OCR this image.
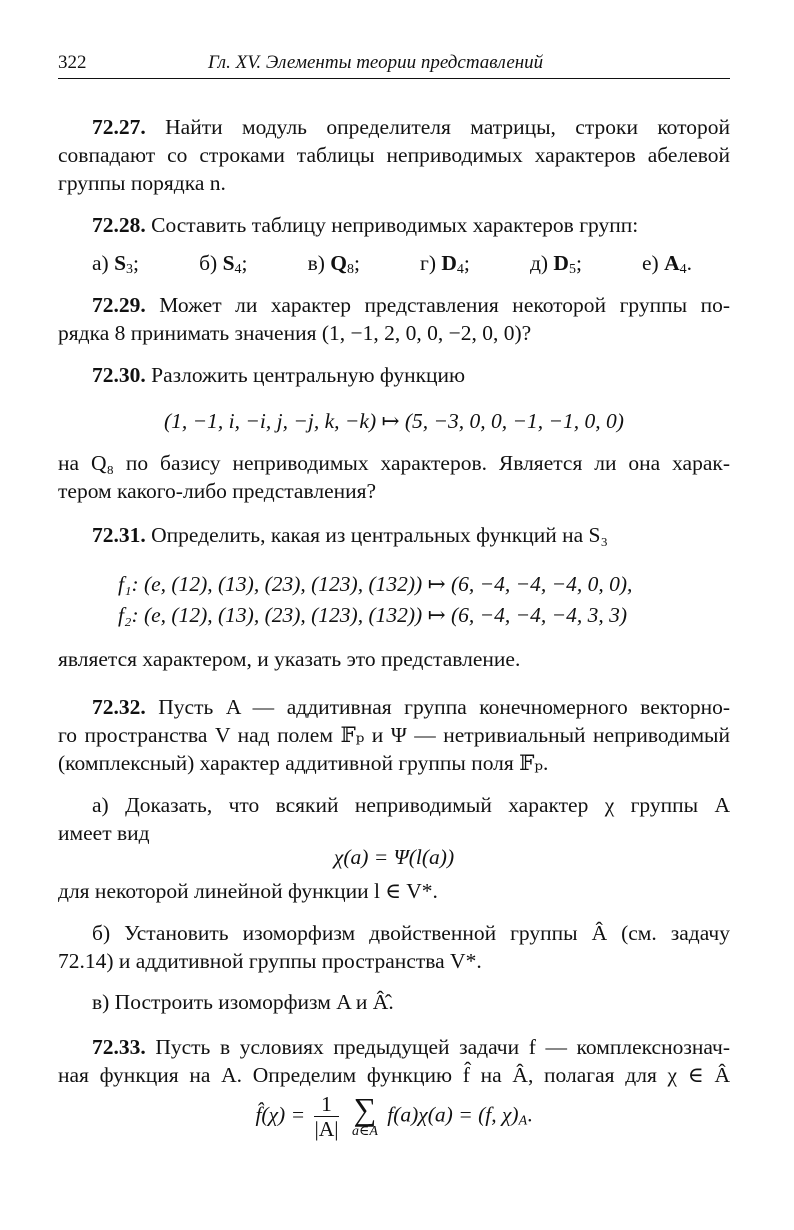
322	Гл. XV. Элементы теории представлений
72.27. Найти модуль определителя матрицы, строки которой
совпадают со строками таблицы неприводимых характеров абелевой
группы порядка n.
72.28. Составить таблицу неприводимых характеров групп:
а) $S_3$;	б) $S_4$;	в) $Q_8$;	г) $D_4$;	д) $D_5$;	е) $A_4$.
72.29. Может ли характер представления некоторой группы по-
рядка 8 принимать значения (1, −1, 2, 0, 0, −2, 0, 0)?
72.30. Разложить центральную функцию
(1, −1, i, −i, j, −j, k, −k) ↦ (5, −3, 0, 0, −1, −1, 0, 0)
на Q₈ по базису неприводимых характеров. Является ли она харак-
тером какого-либо представления?
72.31. Определить, какая из центральных функций на S₃
f₁: (e, (12), (13), (23), (123), (132)) ↦ (6, −4, −4, −4, 0, 0),
f₂: (e, (12), (13), (23), (123), (132)) ↦ (6, −4, −4, −4, 3, 3)
является характером, и указать это представление.
72.32. Пусть A — аддитивная группа конечномерного векторно-
го пространства V над полем 𝔽ₚ и Ψ — нетривиальный неприводимый
(комплексный) характер аддитивной группы поля 𝔽ₚ.
а) Доказать, что всякий неприводимый характер χ группы A
имеет вид
χ(a) = Ψ(l(a))
для некоторой линейной функции l ∈ V*.
б) Установить изоморфизм двойственной группы Â (см. задачу
72.14) и аддитивной группы пространства V*.
в) Построить изоморфизм A и Â̂.
72.33. Пусть в условиях предыдущей задачи f — комплекснознач-
ная функция на A. Определим функцию f̂ на Â, полагая для χ ∈ Â
f̂(χ) = $\frac{1}{|A|}$
∑
a∈A
f(a)χ(a) = (f, $\chi)_A$.
